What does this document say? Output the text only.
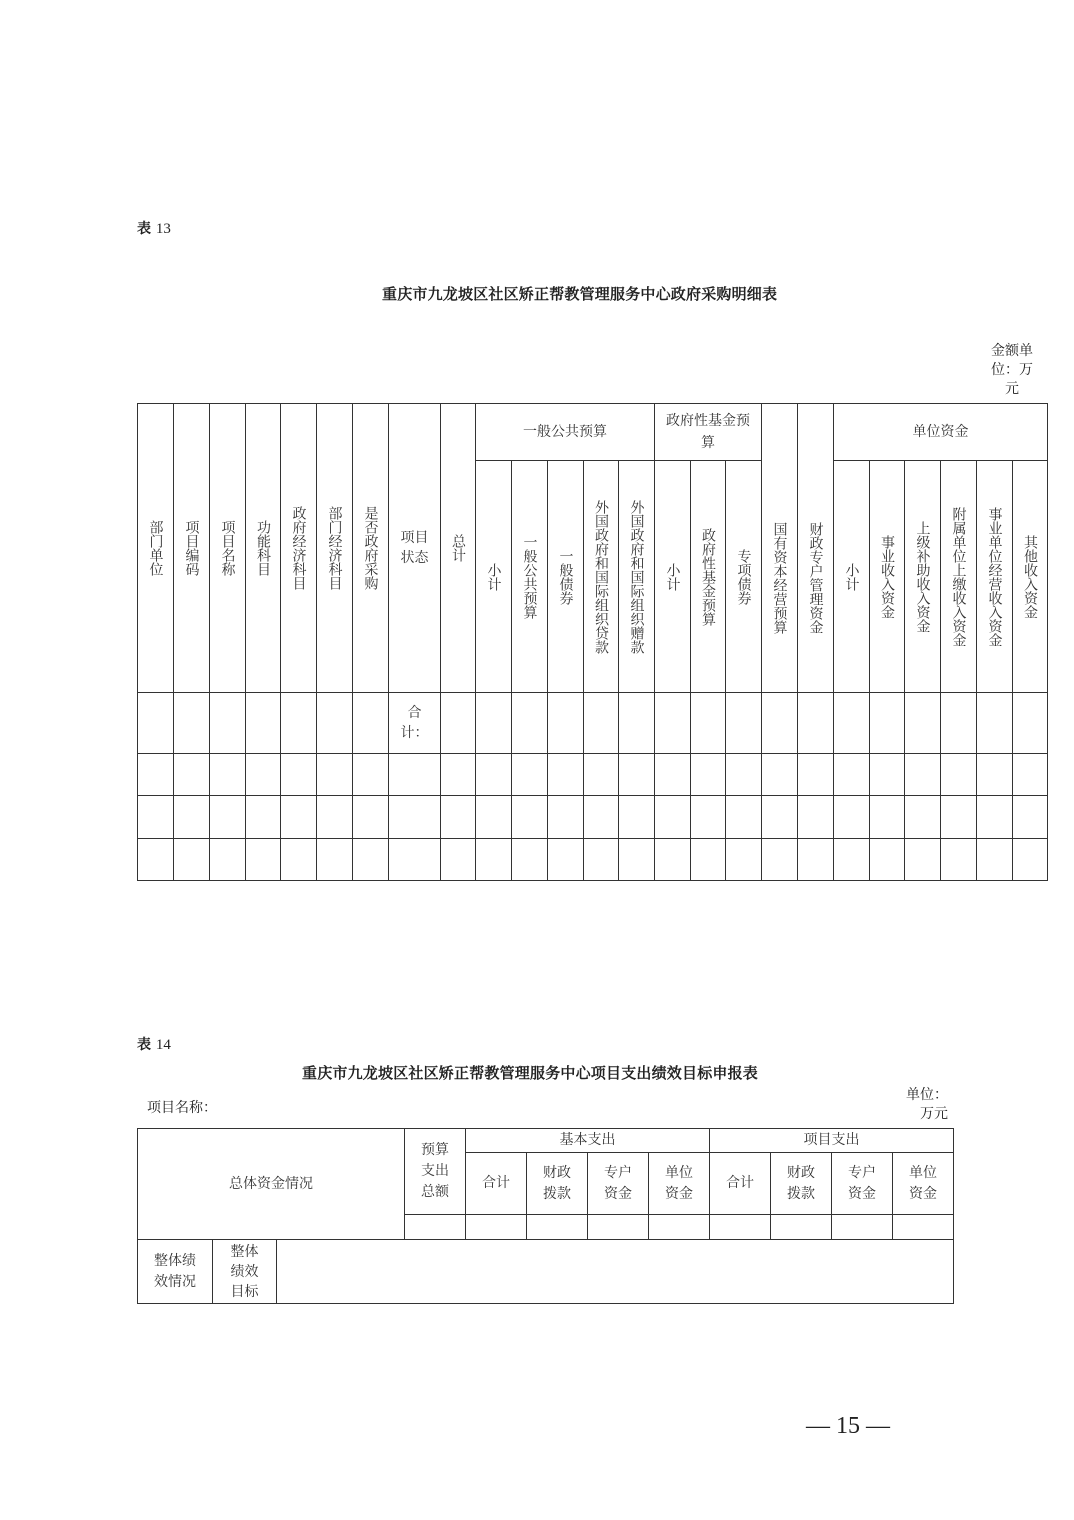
表 13
重庆市九龙坡区社区矫正帮教管理服务中心政府采购明细表
金额单
位：万
元
部门单位 项目编码 项目名称 功能科目 政府经济科目 部门经济科目 是否政府采购 项目状态 总计
一般公共预算
小计 一般公共预算 一般债券 外国政府和国际组织贷款 外国政府和国际组织赠款
政府性基金预算
小计 政府性基金预算 专项债券 国有资本经营预算 财政专户管理资金
单位资金
小计 事业收入资金 上级补助收入资金 附属单位上缴收入资金 事业单位经营收入资金 其他收入资金
合计：
表 14
重庆市九龙坡区社区矫正帮教管理服务中心项目支出绩效目标申报表
项目名称：
单位：
万元
总体资金情况
预算支出总额
基本支出	项目支出
合计
财政拨款
专户资金
单位资金
合计
财政拨款
专户资金
单位资金
整体绩效情况
整体绩效目标
— 15 —
